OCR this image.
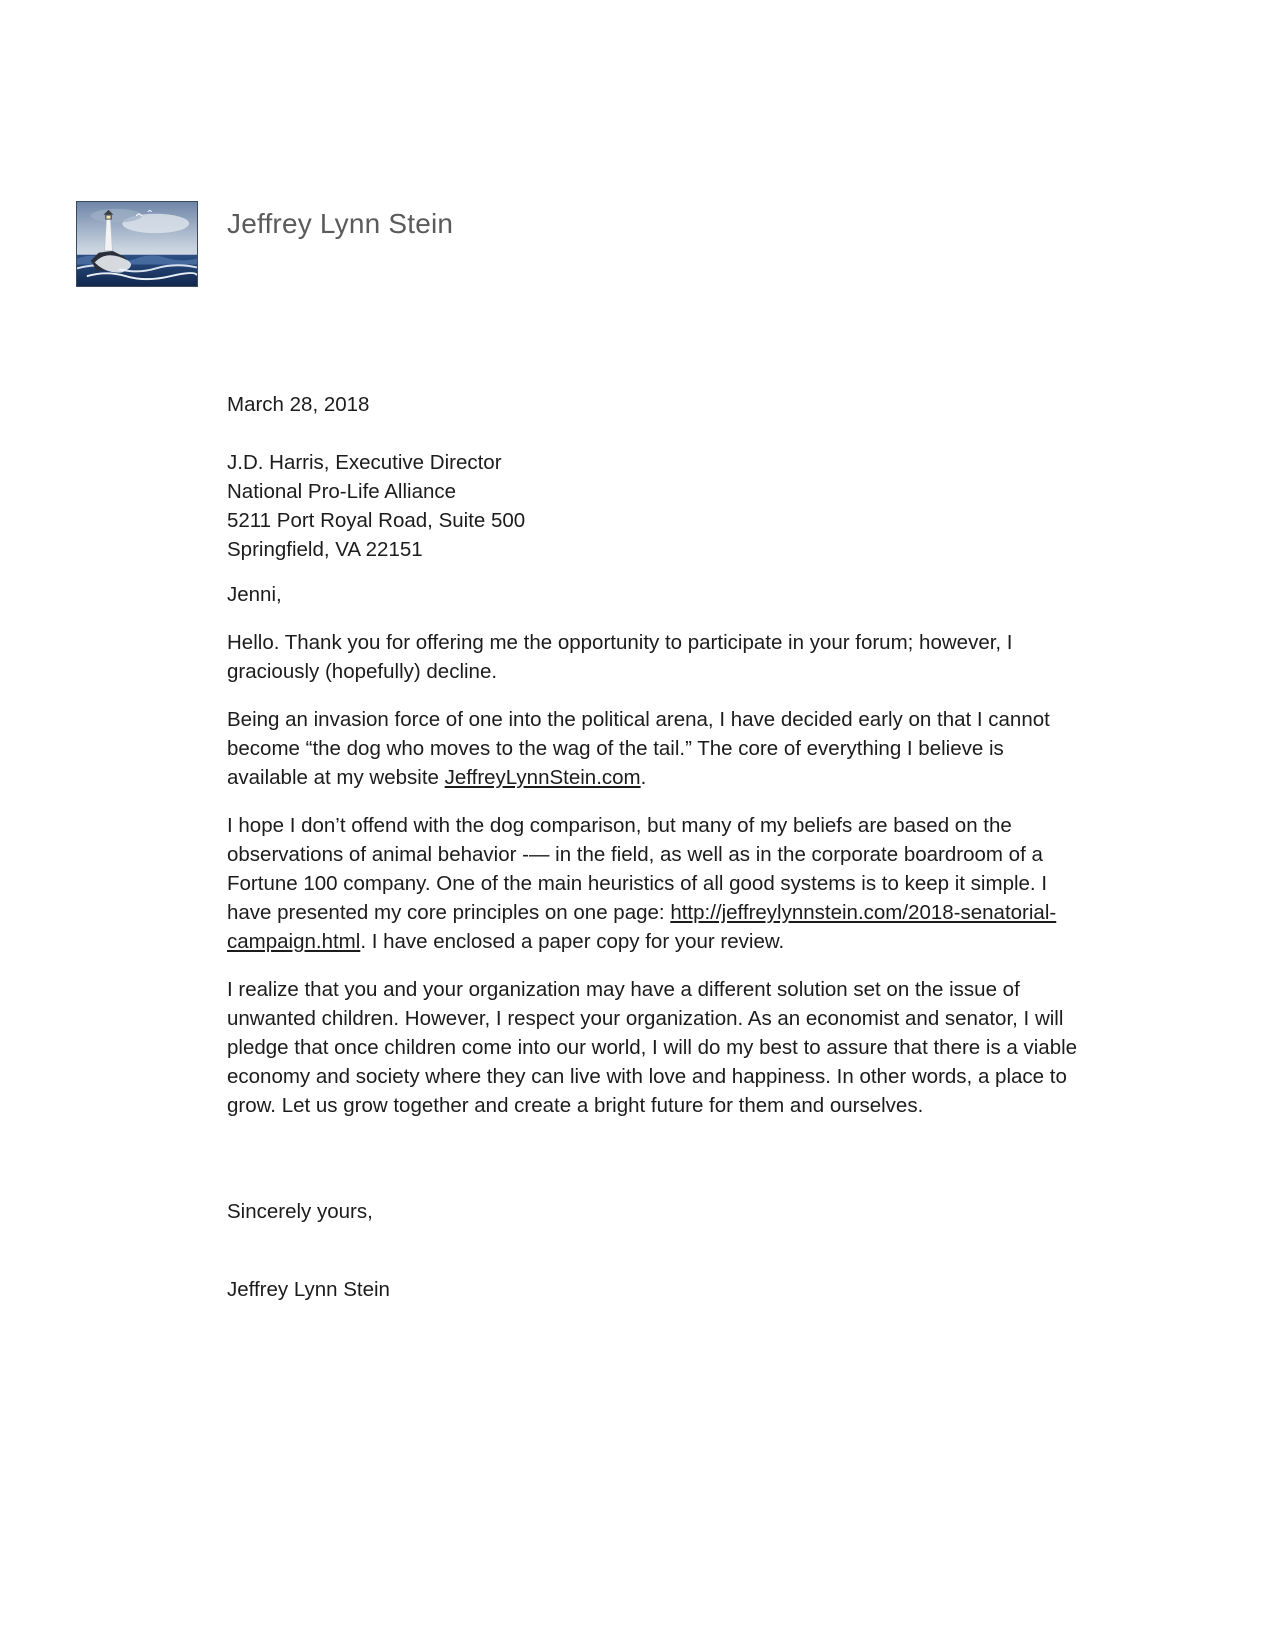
Jeffrey Lynn Stein

March 28, 2018

J.D. Harris, Executive Director
National Pro-Life Alliance
5211 Port Royal Road, Suite 500
Springfield, VA 22151

Jenni,

Hello. Thank you for offering me the opportunity to participate in your forum; however, I graciously (hopefully) decline.

Being an invasion force of one into the political arena, I have decided early on that I cannot become “the dog who moves to the wag of the tail.” The core of everything I believe is available at my website JeffreyLynnStein.com.

I hope I don’t offend with the dog comparison, but many of my beliefs are based on the observations of animal behavior -— in the field, as well as in the corporate boardroom of a Fortune 100 company. One of the main heuristics of all good systems is to keep it simple. I have presented my core principles on one page: http://jeffreylynnstein.com/2018-senatorial-campaign.html. I have enclosed a paper copy for your review.

I realize that you and your organization may have a different solution set on the issue of unwanted children. However, I respect your organization. As an economist and senator, I will pledge that once children come into our world, I will do my best to assure that there is a viable economy and society where they can live with love and happiness. In other words, a place to grow. Let us grow together and create a bright future for them and ourselves.

Sincerely yours,

Jeffrey Lynn Stein
